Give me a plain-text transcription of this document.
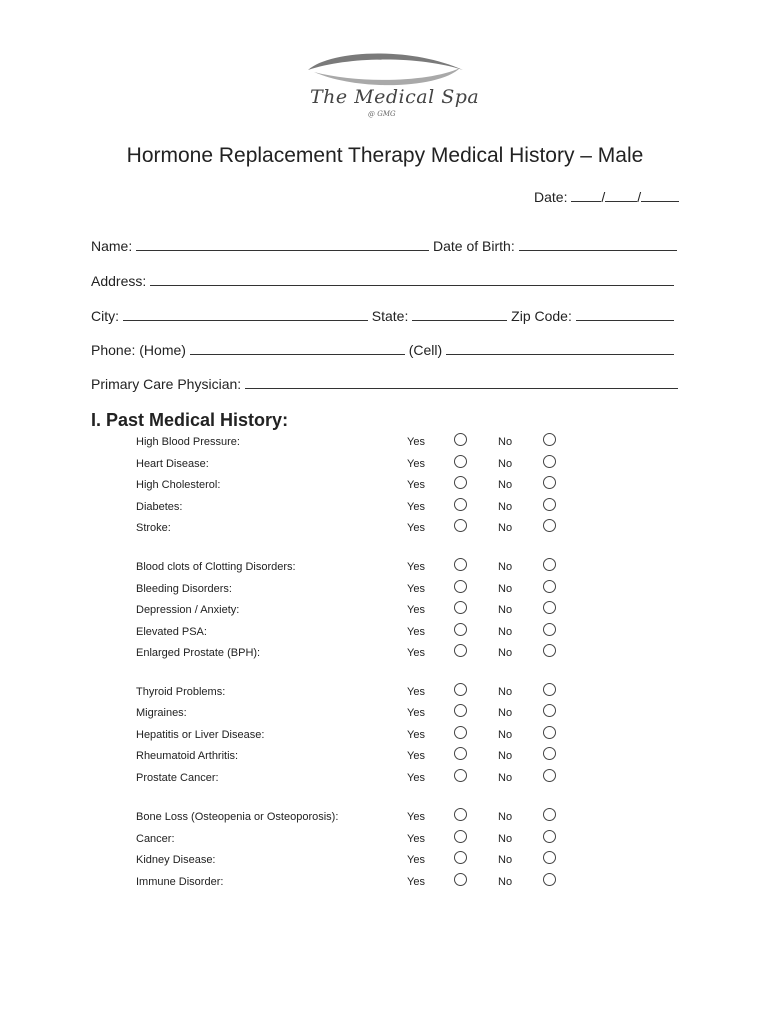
The Medical Spa
@ GMG
Hormone Replacement Therapy Medical History – Male
Date: / /
Name:	Date of Birth:
Address:
City:	State:	Zip Code:
Phone: (Home)	(Cell)
Primary Care Physician:
I. Past Medical History:
High Blood Pressure:	Yes	No
Heart Disease:	Yes	No
High Cholesterol:	Yes	No
Diabetes:	Yes	No
Stroke:	Yes	No
Blood clots of Clotting Disorders:	Yes	No
Bleeding Disorders:	Yes	No
Depression / Anxiety:	Yes	No
Elevated PSA:	Yes	No
Enlarged Prostate (BPH):	Yes	No
Thyroid Problems:	Yes	No
Migraines:	Yes	No
Hepatitis or Liver Disease:	Yes	No
Rheumatoid Arthritis:	Yes	No
Prostate Cancer:	Yes	No
Bone Loss (Osteopenia or Osteoporosis):	Yes	No
Cancer:	Yes	No
Kidney Disease:	Yes	No
Immune Disorder:	Yes	No
